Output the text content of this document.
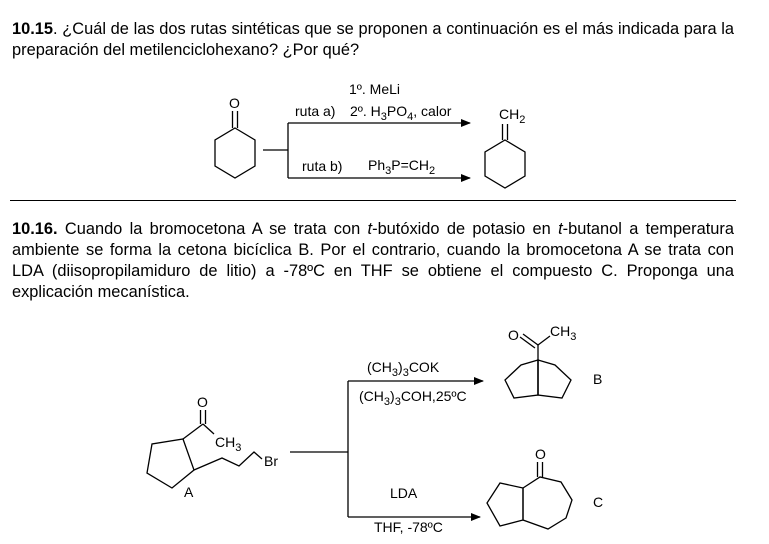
10.15. ¿Cuál de las dos rutas sintéticas que se proponen a continuación es el más indicada para la preparación del metilenciclohexano? ¿Por qué?

10.16. Cuando la bromocetona A se trata con t-butóxido de potasio en t-butanol a temperatura ambiente se forma la cetona bicíclica B. Por el contrario, cuando la bromocetona A se trata con LDA (diisopropilamiduro de litio) a -78ºC en THF se obtiene el compuesto C. Proponga una explicación mecanística.

O
1º. MeLi
ruta a) 2º. $H_3PO_4$, calor
ruta b) $Ph_3P=CH_2$
$CH_2$
O
$CH_3$
Br
A
$(CH_3)_3COK$
$(CH_3)_3COH,25ºC$
LDA
THF, -78ºC
O $CH_3$
B
O
C
